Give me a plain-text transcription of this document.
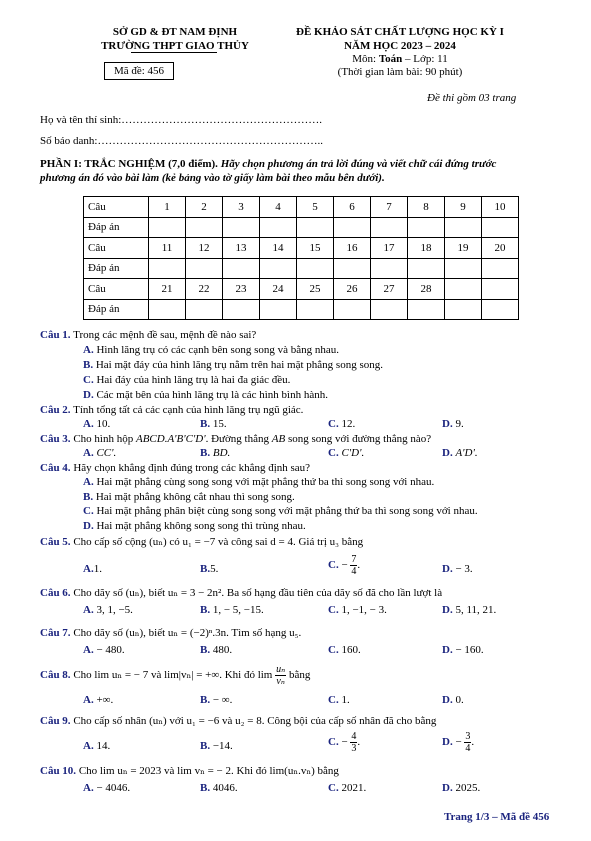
SỞ GD & ĐT NAM ĐỊNH
TRƯỜNG THPT GIAO THỦY
Mã đề: 456
ĐỀ KHẢO SÁT CHẤT LƯỢNG HỌC KỲ I
NĂM HỌC 2023 – 2024
Môn: Toán – Lớp: 11
(Thời gian làm bài: 90 phút)
Đề thi gồm 03 trang
Họ và tên thí sinh:……………………………………………….
Số báo danh:……………………………………………………..
PHẦN I: TRẮC NGHIỆM (7,0 điểm). Hãy chọn phương án trả lời đúng và viết chữ cái đứng trước
phương án đó vào bài làm (kẻ bảng vào tờ giấy làm bài theo mẫu bên dưới).
Câu	1	2	3	4	5	6	7	8	9	10
Đáp án										
Câu	11	12	13	14	15	16	17	18	19	20
Đáp án										
Câu	21	22	23	24	25	26	27	28		
Đáp án										
Câu 1. Trong các mệnh đề sau, mệnh đề nào sai?
A. Hình lăng trụ có các cạnh bên song song và bằng nhau.
B. Hai mặt đáy của hình lăng trụ nằm trên hai mặt phẳng song song.
C. Hai đáy của hình lăng trụ là hai đa giác đều.
D. Các mặt bên của hình lăng trụ là các hình bình hành.
Câu 2. Tính tổng tất cả các cạnh của hình lăng trụ ngũ giác.
A. 10.	B. 15.	C. 12.	D. 9.
Câu 3. Cho hình hộp ABCD.A'B'C'D'. Đường thẳng AB song song với đường thẳng nào?
A. CC'.	B. BD.	C. C'D'.	D. A'D'.
Câu 4. Hãy chọn khẳng định đúng trong các khẳng định sau?
A. Hai mặt phẳng cùng song song với mặt phẳng thứ ba thì song song với nhau.
B. Hai mặt phẳng không cắt nhau thì song song.
C. Hai mặt phẳng phân biệt cùng song song với mặt phẳng thứ ba thì song song với nhau.
D. Hai mặt phẳng không song song thì trùng nhau.
Câu 5. Cho cấp số cộng (uₙ) có u₁ = −7 và công sai d = 4. Giá trị u₃ bằng
A.1.	B.5.	C. − $\frac{7}{4}$ .	D. − 3.
Câu 6. Cho dãy số (uₙ), biết uₙ = 3 − 2n². Ba số hạng đầu tiên của dãy số đã cho lần lượt là
A. 3, 1, −5.	B. 1, − 5, −15.	C. 1, −1, − 3.	D. 5, 11, 21.
Câu 7. Cho dãy số (uₙ), biết uₙ = (−2)ⁿ.3n. Tìm số hạng u₅.
A. − 480.	B. 480.	C. 160.	D. − 160.
Câu 8. Cho lim uₙ = − 7 và lim|vₙ| = +∞. Khi đó $\lim \frac{\text{uₙ}}{\text{vₙ}}$ bằng
A. +∞.	B. − ∞.	C. 1.	D. 0.
Câu 9. Cho cấp số nhân (uₙ) với u₁ = −6 và u₂ = 8. Công bội của cấp số nhân đã cho bằng
A. 14.	B. −14.	C. − $\frac{4}{3}$ .	D. − $\frac{3}{4}$ .
Câu 10. Cho lim uₙ = 2023 và lim vₙ = − 2. Khi đó lim(uₙ.vₙ) bằng
A. − 4046.	B. 4046.	C. 2021.	D. 2025.
Trang 1/3 – Mã đề 456
